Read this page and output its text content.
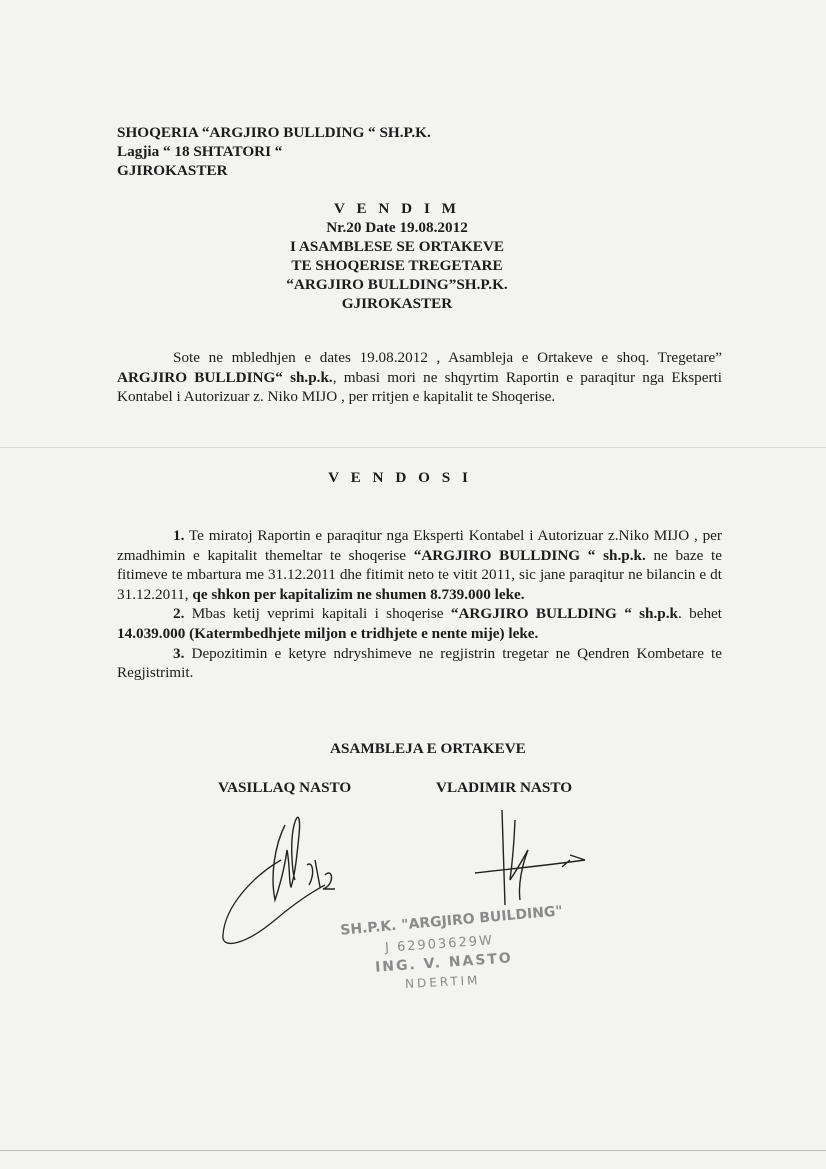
SHOQERIA “ARGJIRO BULLDING “ SH.P.K.
Lagjia “ 18 SHTATORI “
GJIROKASTER
V E N D I M
Nr.20 Date 19.08.2012
I ASAMBLESE SE ORTAKEVE
TE SHOQERISE TREGETARE
“ARGJIRO BULLDING”SH.P.K.
GJIROKASTER

Sote ne mbledhjen e dates 19.08.2012 , Asambleja e Ortakeve e shoq. Tregetare” ARGJIRO BULLDING“ sh.p.k., mbasi mori ne shqyrtim Raportin e paraqitur nga Eksperti Kontabel i Autorizuar z. Niko MIJO , per rritjen e kapitalit te Shoqerise.

V E N D O S I

1. Te miratoj Raportin e paraqitur nga Eksperti Kontabel i Autorizuar z.Niko MIJO , per zmadhimin e kapitalit themeltar te shoqerise “ARGJIRO BULLDING “ sh.p.k. ne baze te fitimeve te mbartura me 31.12.2011 dhe fitimit neto te vitit 2011, sic jane paraqitur ne bilancin e dt 31.12.2011, qe shkon per kapitalizim ne shumen 8.739.000 leke.

2. Mbas ketij veprimi kapitali i shoqerise “ARGJIRO BULLDING “ sh.p.k. behet 14.039.000 (Katermbedhjete miljon e tridhjete e nente mije) leke.

3. Depozitimin e ketyre ndryshimeve ne regjistrin tregetar ne Qendren Kombetare te Regjistrimit.

ASAMBLEJA E ORTAKEVE
VASILLAQ NASTO	VLADIMIR NASTO
SH.P.K. "ARGJIRO BUILDING"
J 62903629W
ING. V. NASTO
NDERTIM
